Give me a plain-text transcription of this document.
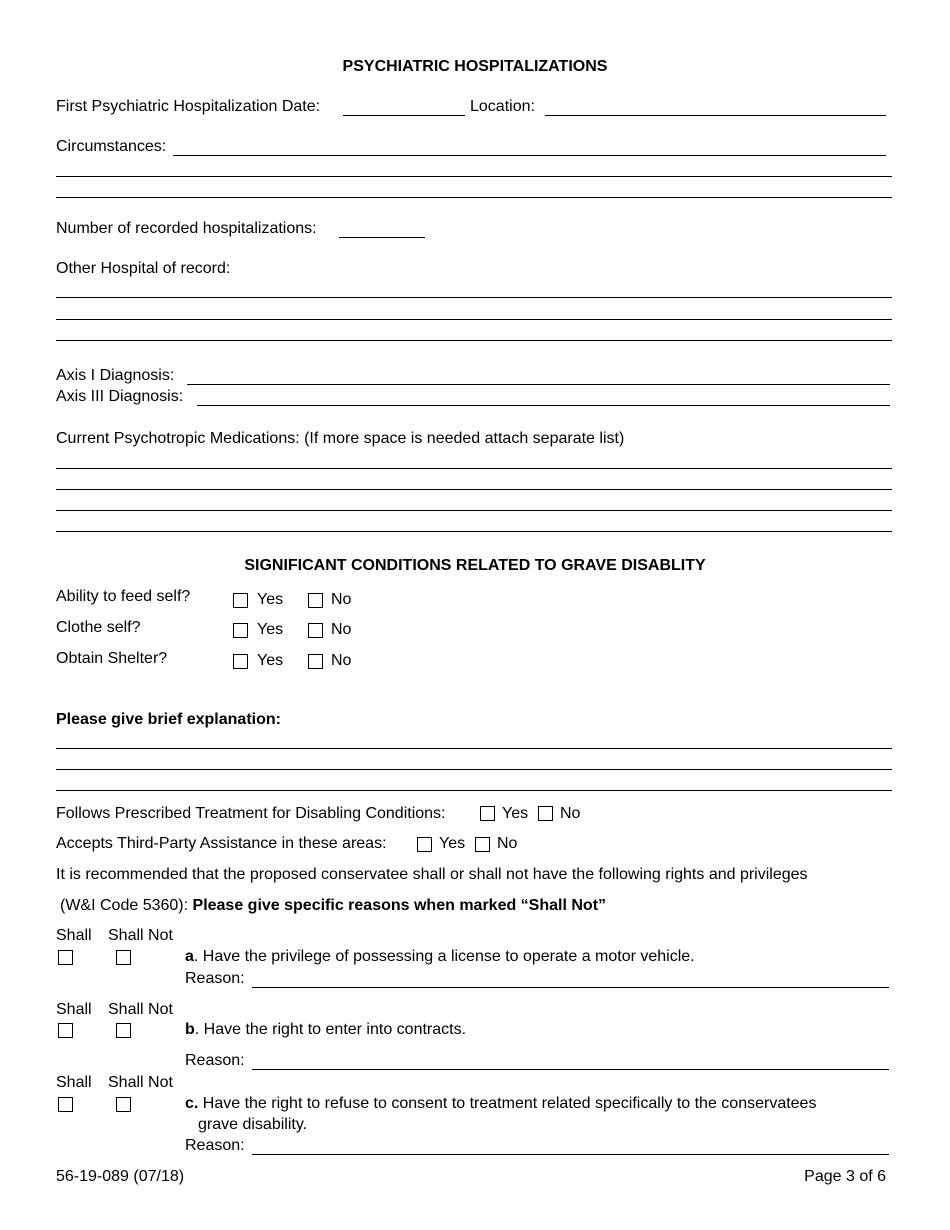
PSYCHIATRIC HOSPITALIZATIONS
First Psychiatric Hospitalization Date:	Location:
Circumstances:
Number of recorded hospitalizations:
Other Hospital of record:
Axis I Diagnosis:
Axis III Diagnosis:
Current Psychotropic Medications: (If more space is needed attach separate list)
SIGNIFICANT CONDITIONS RELATED TO GRAVE DISABLITY
Ability to feed self?	Yes	No
Clothe self?	Yes	No
Obtain Shelter?	Yes	No
Please give brief explanation:
Follows Prescribed Treatment for Disabling Conditions:	Yes No
Accepts Third-Party Assistance in these areas:	Yes No
It is recommended that the proposed conservatee shall or shall not have the following rights and privileges
(W&I Code 5360): Please give specific reasons when marked “Shall Not”
Shall Shall Not
a. Have the privilege of possessing a license to operate a motor vehicle.
Reason:
Shall Shall Not
b. Have the right to enter into contracts.
Reason:
Shall Shall Not
c. Have the right to refuse to consent to treatment related specifically to the conservatees
grave disability.
Reason:
56-19-089 (07/18)	Page 3 of 6
